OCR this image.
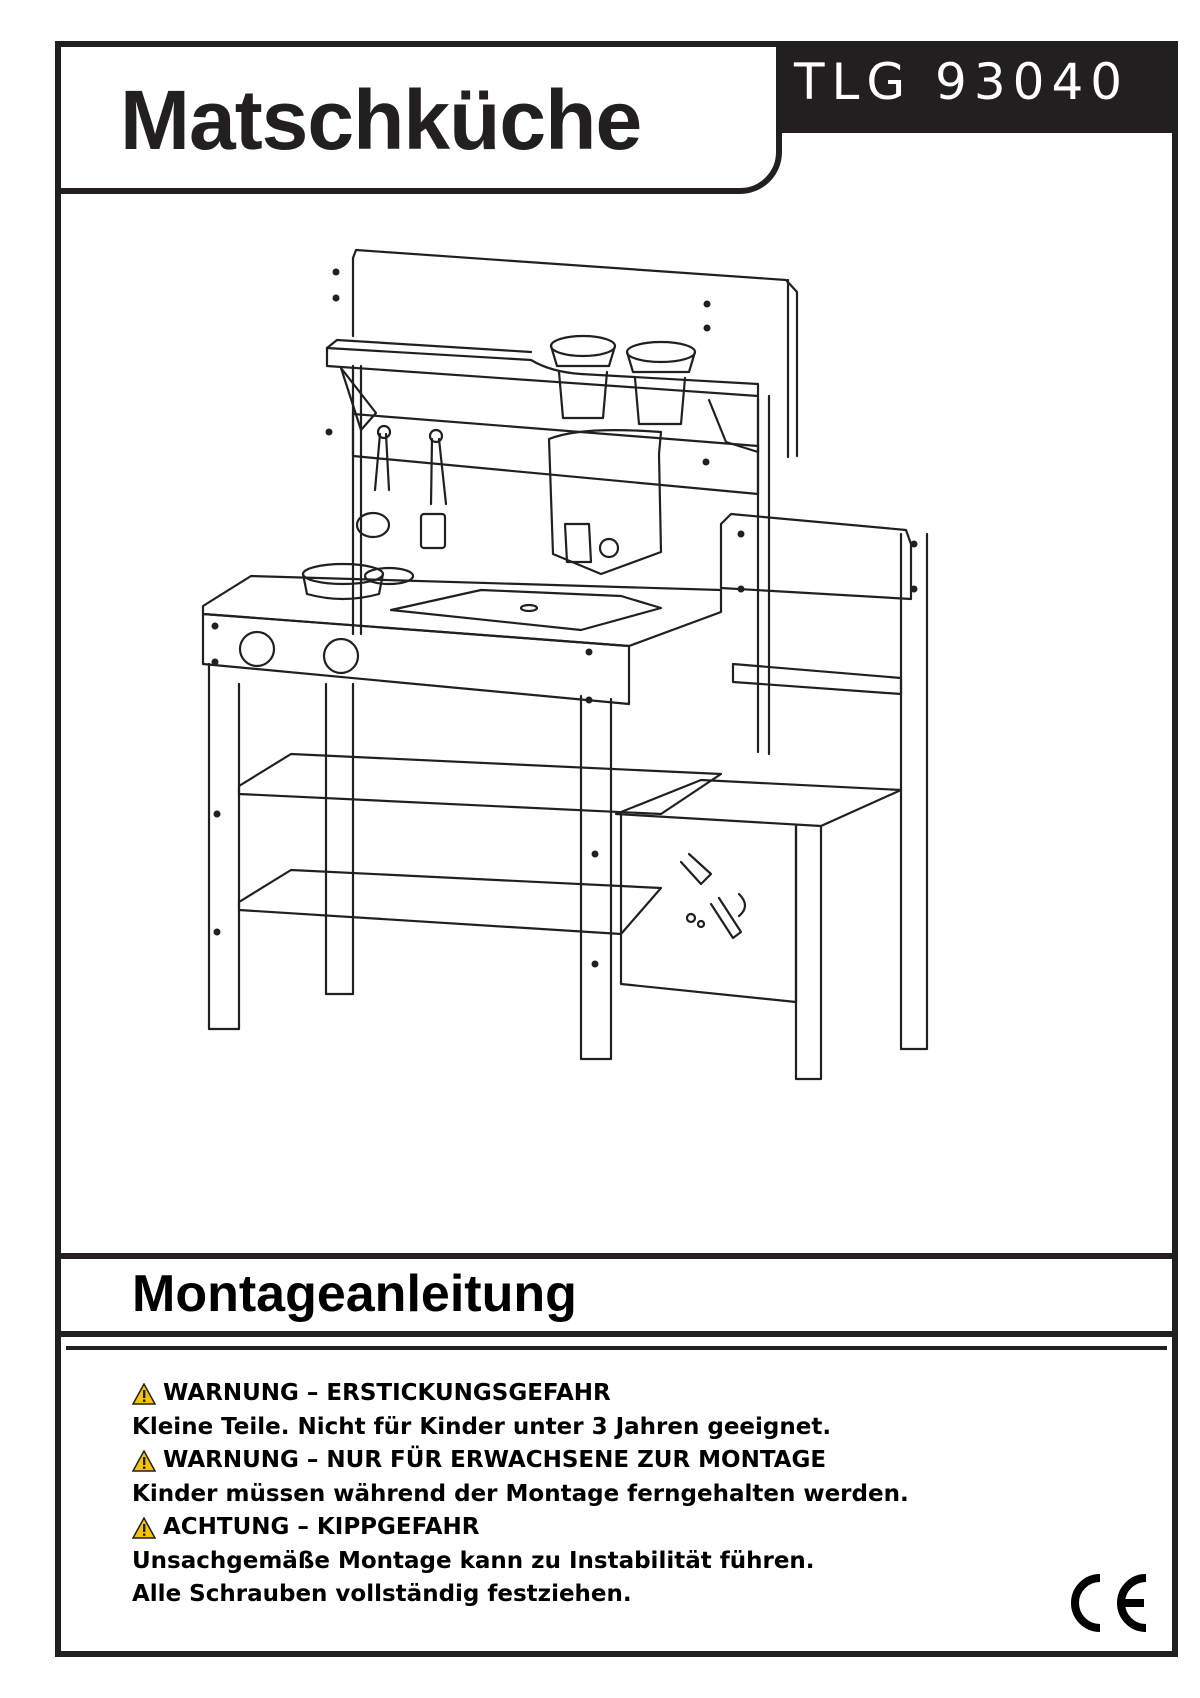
Matschküche	TLG 93040
Montageanleitung
WARNUNG – ERSTICKUNGSGEFAHR
Kleine Teile. Nicht für Kinder unter 3 Jahren geeignet.
WARNUNG – NUR FÜR ERWACHSENE ZUR MONTAGE
Kinder müssen während der Montage ferngehalten werden.
ACHTUNG – KIPPGEFAHR
Unsachgemäße Montage kann zu Instabilität führen.
Alle Schrauben vollständig festziehen.
